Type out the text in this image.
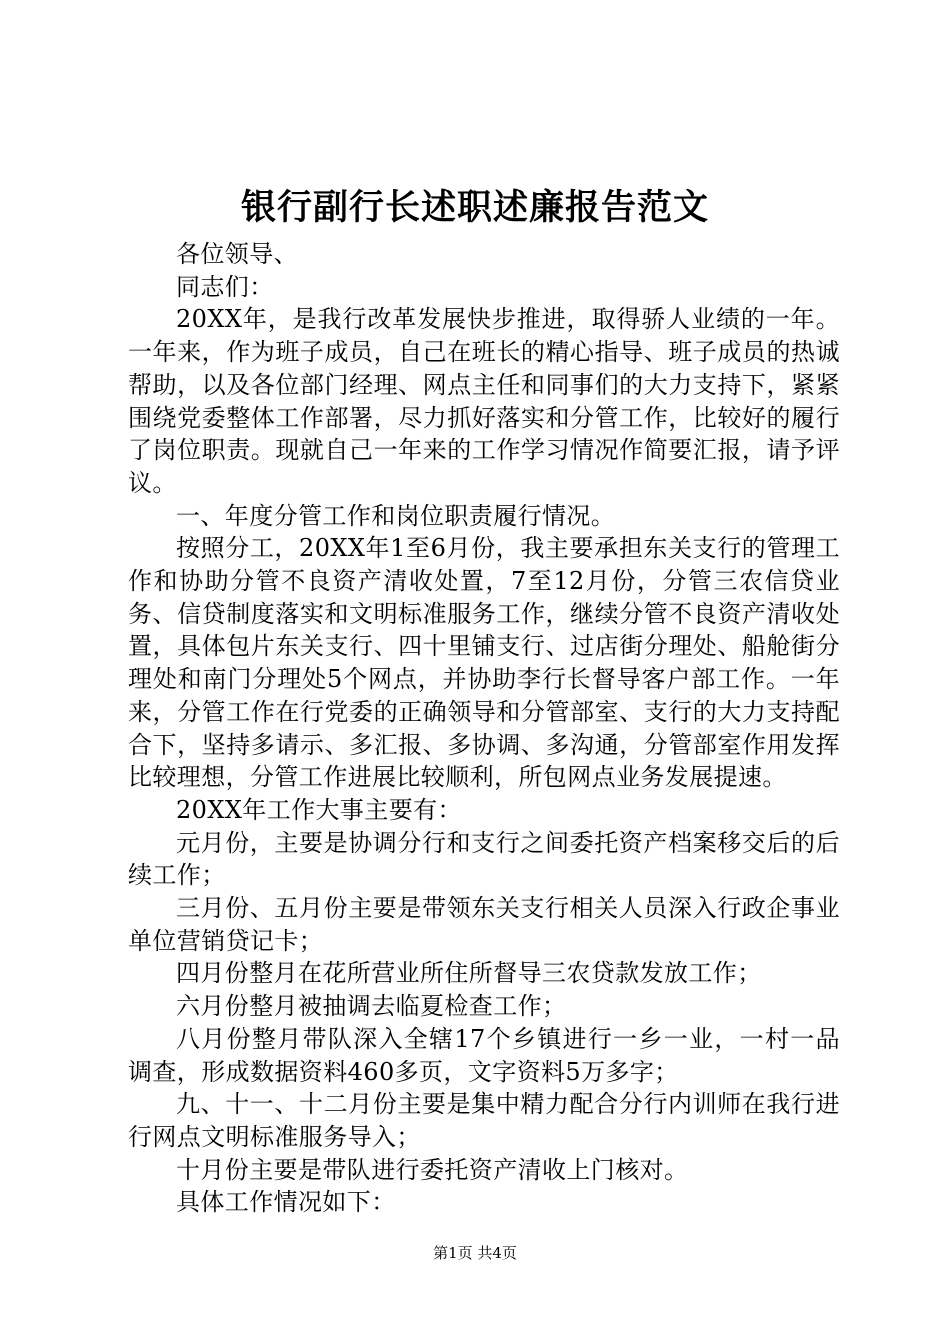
银行副行长述职述廉报告范文

各位领导、

同志们：

20XX年，是我行改革发展快步推进，取得骄人业绩的一年。一年来，作为班子成员，自己在班长的精心指导、班子成员的热诚帮助，以及各位部门经理、网点主任和同事们的大力支持下，紧紧围绕党委整体工作部署，尽力抓好落实和分管工作，比较好的履行了岗位职责。现就自己一年来的工作学习情况作简要汇报，请予评议。

一、年度分管工作和岗位职责履行情况。

按照分工，20XX年1至6月份，我主要承担东关支行的管理工作和协助分管不良资产清收处置，7至12月份，分管三农信贷业务、信贷制度落实和文明标准服务工作，继续分管不良资产清收处置，具体包片东关支行、四十里铺支行、过店街分理处、船舱街分理处和南门分理处5个网点，并协助李行长督导客户部工作。一年来，分管工作在行党委的正确领导和分管部室、支行的大力支持配合下，坚持多请示、多汇报、多协调、多沟通，分管部室作用发挥比较理想，分管工作进展比较顺利，所包网点业务发展提速。

20XX年工作大事主要有：

元月份，主要是协调分行和支行之间委托资产档案移交后的后续工作；

三月份、五月份主要是带领东关支行相关人员深入行政企事业单位营销贷记卡；

四月份整月在花所营业所住所督导三农贷款发放工作；

六月份整月被抽调去临夏检查工作；

八月份整月带队深入全辖17个乡镇进行一乡一业，一村一品调查，形成数据资料460多页，文字资料5万多字；

九、十一、十二月份主要是集中精力配合分行内训师在我行进行网点文明标准服务导入；

十月份主要是带队进行委托资产清收上门核对。

具体工作情况如下：

第1页 共4页
